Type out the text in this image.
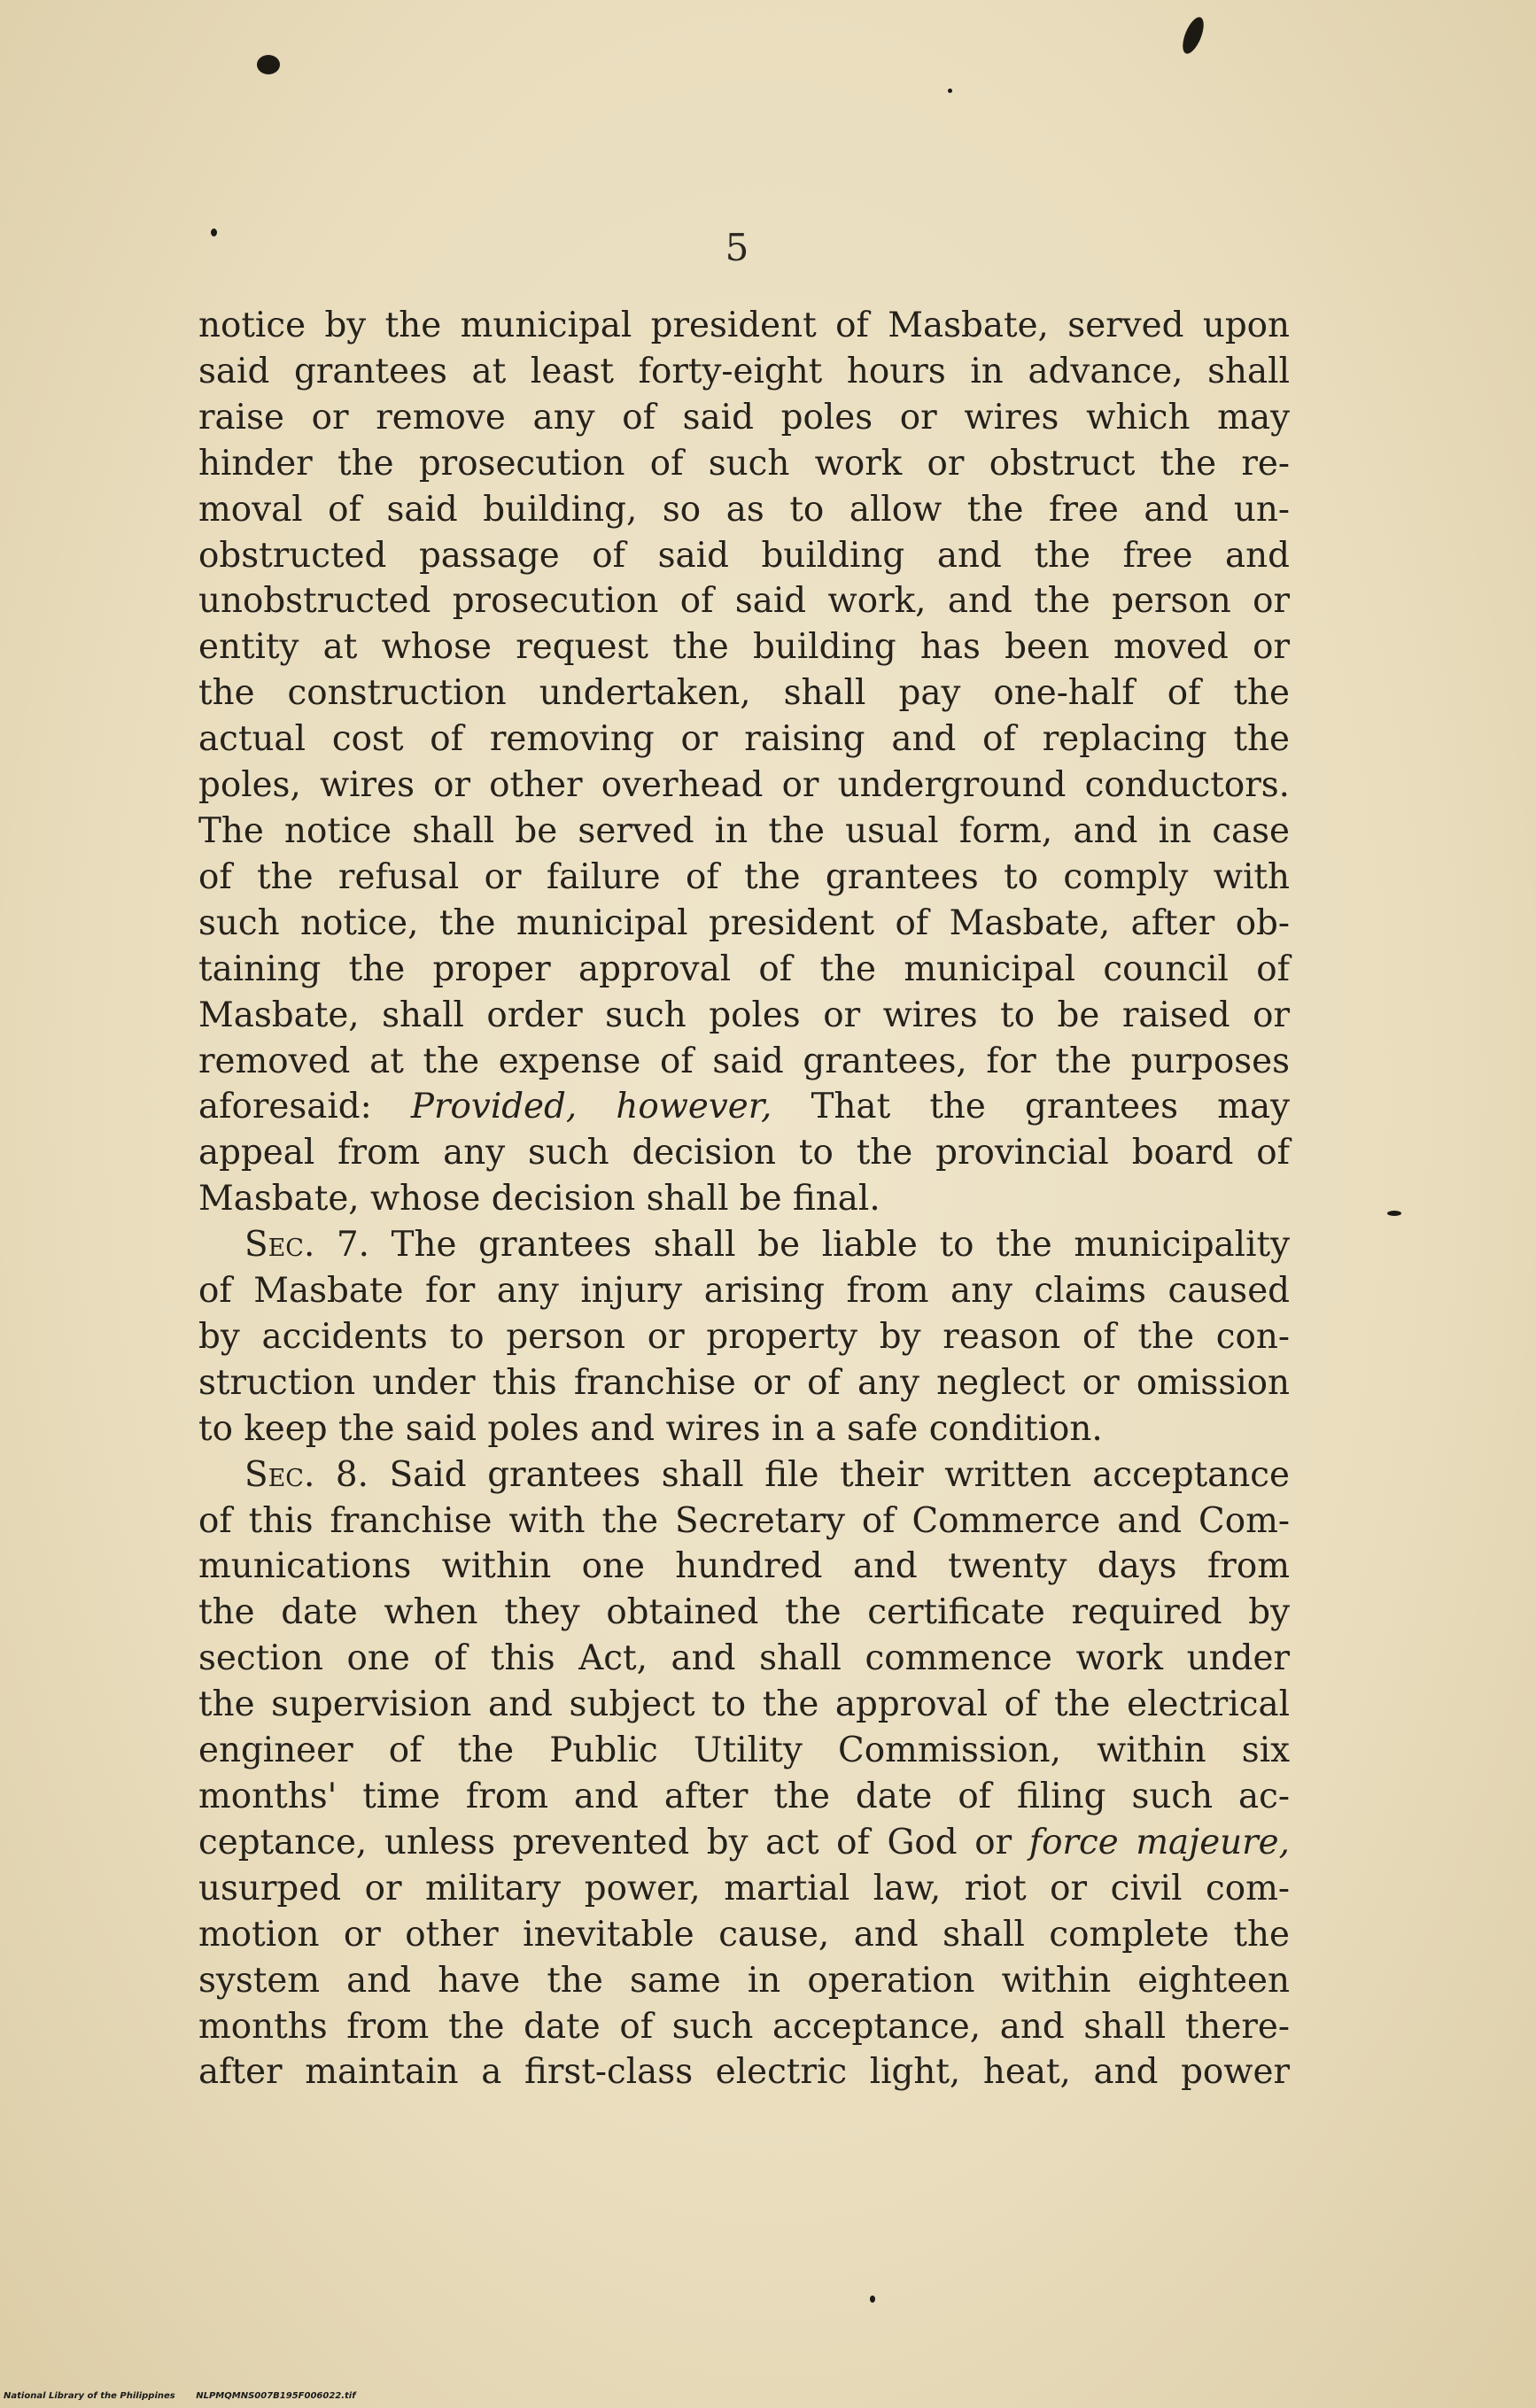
5

notice by the municipal president of Masbate, served upon

said grantees at least forty-eight hours in advance, shall

raise or remove any of said poles or wires which may

hinder the prosecution of such work or obstruct the re-

moval of said building, so as to allow the free and un-

obstructed passage of said building and the free and

unobstructed prosecution of said work, and the person or

entity at whose request the building has been moved or

the construction undertaken, shall pay one-half of the

actual cost of removing or raising and of replacing the

poles, wires or other overhead or underground conductors.

The notice shall be served in the usual form, and in case

of the refusal or failure of the grantees to comply with

such notice, the municipal president of Masbate, after ob-

taining the proper approval of the municipal council of

Masbate, shall order such poles or wires to be raised or

removed at the expense of said grantees, for the purposes

aforesaid: Provided, however, That the grantees may

appeal from any such decision to the provincial board of

Masbate, whose decision shall be final.

Sec. 7. The grantees shall be liable to the municipality

of Masbate for any injury arising from any claims caused

by accidents to person or property by reason of the con-

struction under this franchise or of any neglect or omission

to keep the said poles and wires in a safe condition.

Sec. 8. Said grantees shall file their written acceptance

of this franchise with the Secretary of Commerce and Com-

munications within one hundred and twenty days from

the date when they obtained the certificate required by

section one of this Act, and shall commence work under

the supervision and subject to the approval of the electrical

engineer of the Public Utility Commission, within six

months' time from and after the date of filing such ac-

ceptance, unless prevented by act of God or force majeure,

usurped or military power, martial law, riot or civil com-

motion or other inevitable cause, and shall complete the

system and have the same in operation within eighteen

months from the date of such acceptance, and shall there-

after maintain a first-class electric light, heat, and power

National Library of the Philippines NLPMQMNS007B195F006022.tif
